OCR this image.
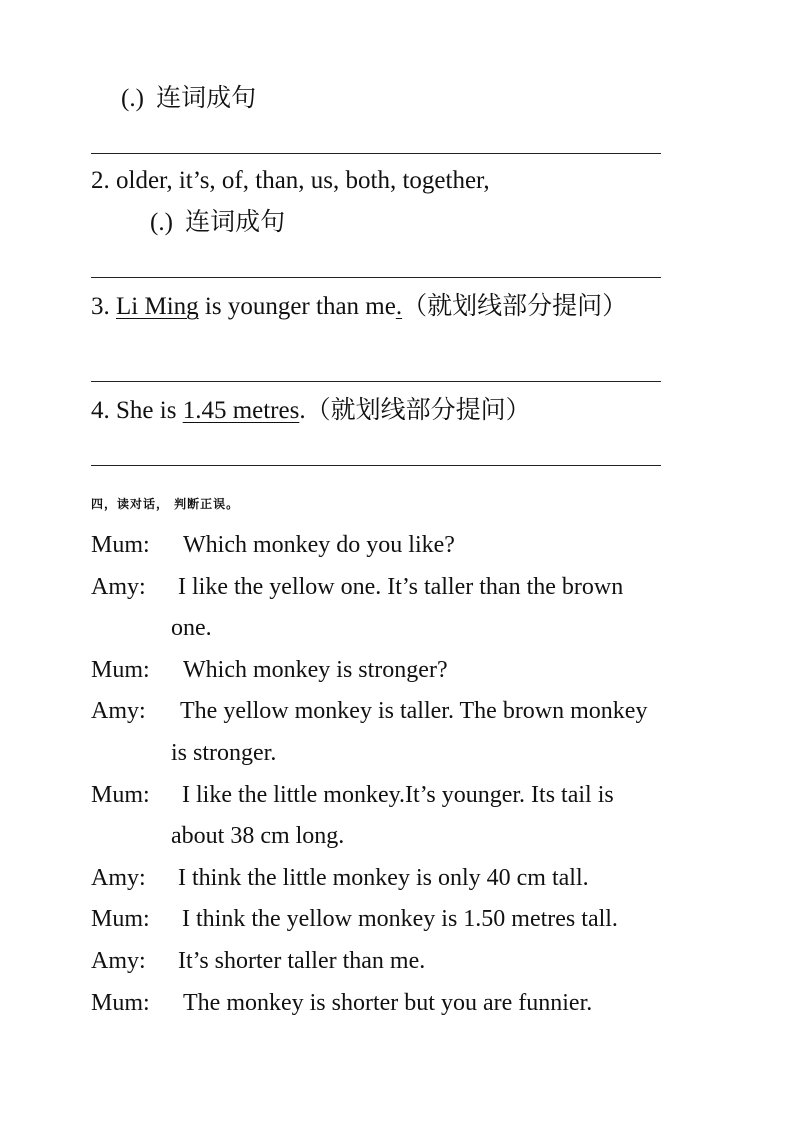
(.) 连词成句
2. older, it’s, of, than, us, both, together,
(.) 连词成句
3. Li Ming is younger than me.（就划线部分提问）
4. She is 1.45 metres.（就划线部分提问）
四，读对话， 判断正误。
Mum: Which monkey do you like?
Amy: I like the yellow one. It’s taller than the brown
one.
Mum: Which monkey is stronger?
Amy: The yellow monkey is taller. The brown monkey
is stronger.
Mum: I like the little monkey.It’s younger. Its tail is
about 38 cm long.
Amy: I think the little monkey is only 40 cm tall.
Mum: I think the yellow monkey is 1.50 metres tall.
Amy: It’s shorter taller than me.
Mum: The monkey is shorter but you are funnier.
